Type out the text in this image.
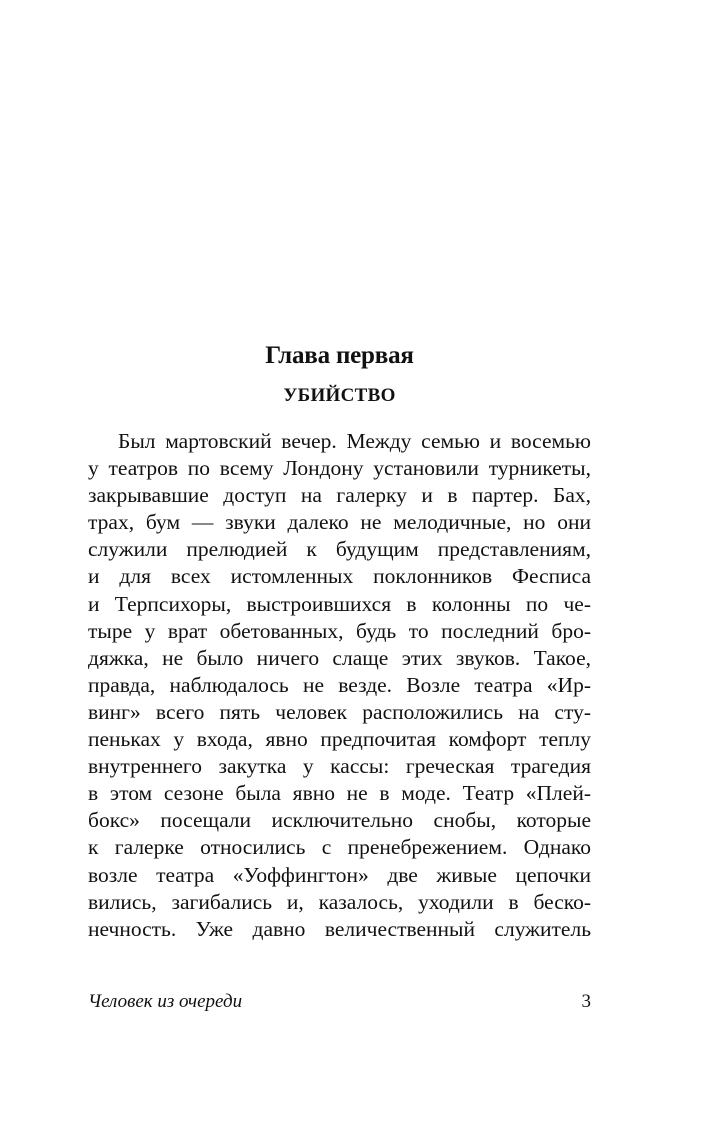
Глава первая
УБИЙСТВО
Был мартовский вечер. Между семью и восемью
у театров по всему Лондону установили турникеты,
закрывавшие доступ на галерку и в партер. Бах,
трах, бум — звуки далеко не мелодичные, но они
служили прелюдией к будущим представлениям,
и для всех истомленных поклонников Фесписа
и Терпсихоры, выстроившихся в колонны по че-
тыре у врат обетованных, будь то последний бро-
дяжка, не было ничего слаще этих звуков. Такое,
правда, наблюдалось не везде. Возле театра «Ир-
винг» всего пять человек расположились на сту-
пеньках у входа, явно предпочитая комфорт теплу
внутреннего закутка у кассы: греческая трагедия
в этом сезоне была явно не в моде. Театр «Плей-
бокс» посещали исключительно снобы, которые
к галерке относились с пренебрежением. Однако
возле театра «Уоффингтон» две живые цепочки
вились, загибались и, казалось, уходили в беско-
нечность. Уже давно величественный служитель
Человек из очереди	3
